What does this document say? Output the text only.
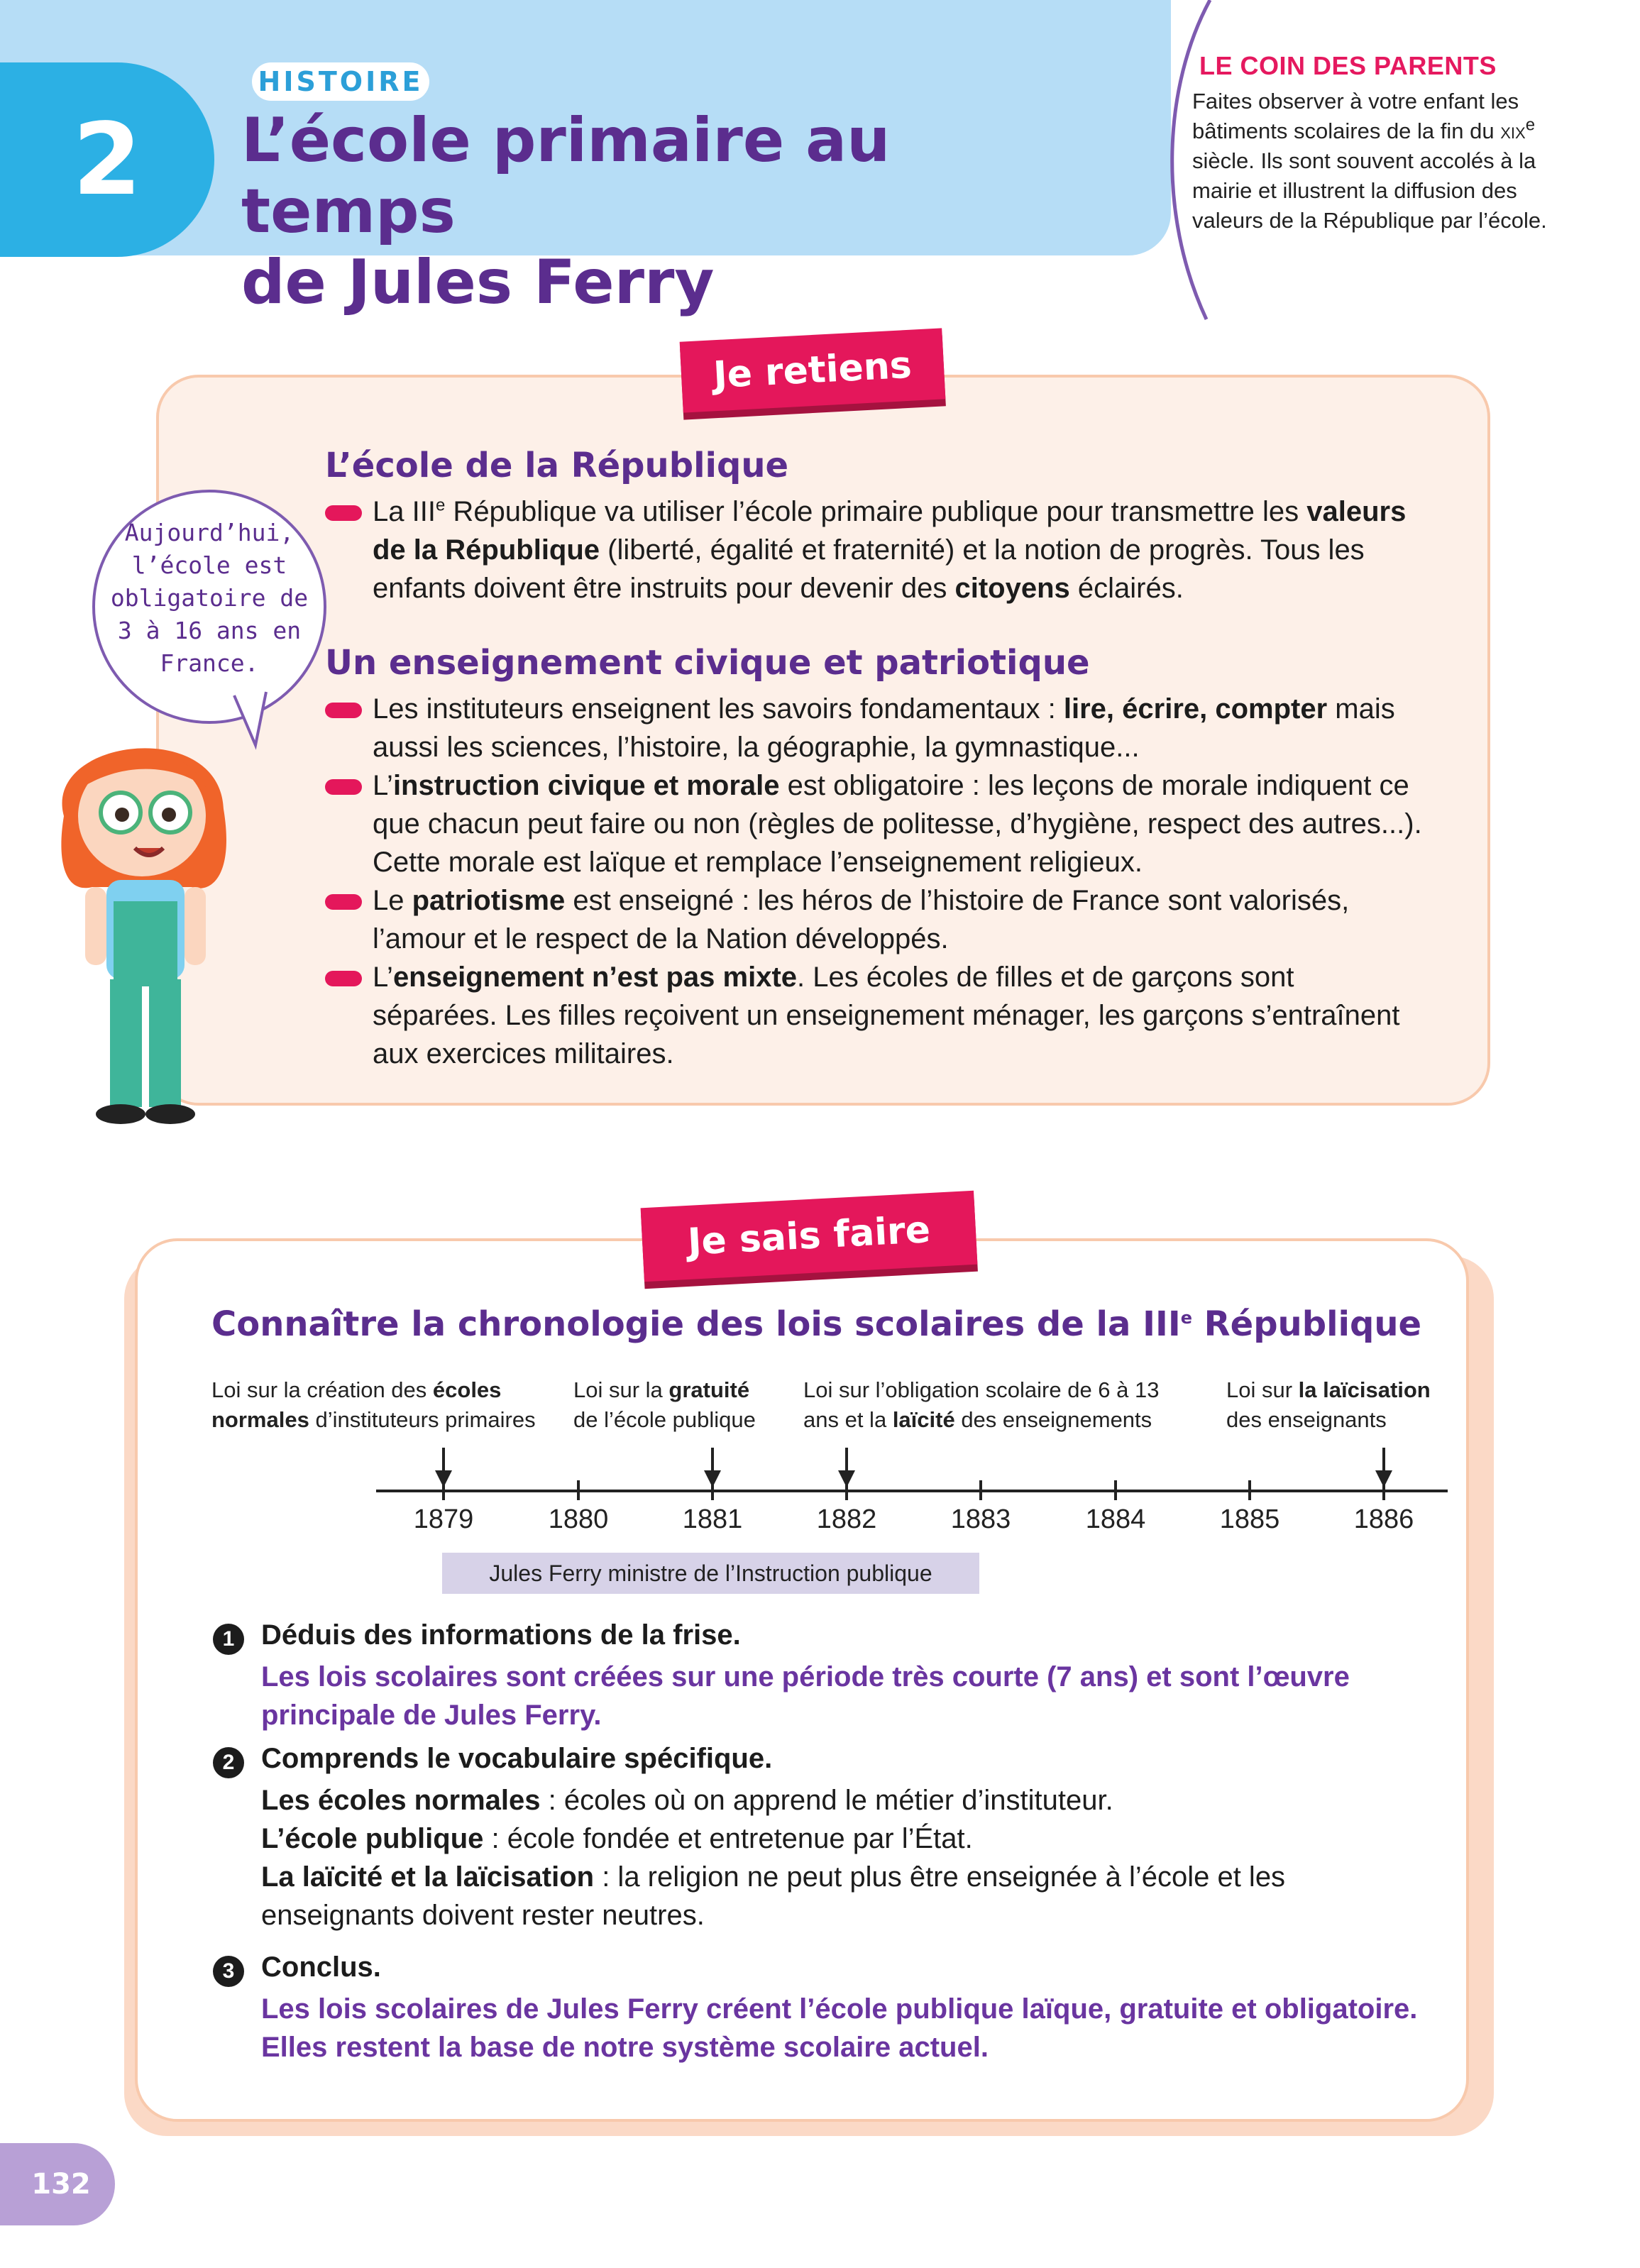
2
HISTOIRE
L’école primaire au temps
de Jules Ferry
LE COIN DES PARENTS
Faites observer à votre enfant les bâtiments scolaires de la fin du xix$^e$ siècle. Ils sont souvent accolés à la mairie et illustrent la diffusion des valeurs de la République par l’école.
Je retiens
Aujourd’hui,
l’école est
obligatoire de
3 à 16 ans en
France.
L’école de la République
La IIIe République va utiliser l’école primaire publique pour transmettre les valeurs de la République (liberté, égalité et fraternité) et la notion de progrès. Tous les enfants doivent être instruits pour devenir des citoyens éclairés.
Un enseignement civique et patriotique
Les instituteurs enseignent les savoirs fondamentaux : lire, écrire, compter mais aussi les sciences, l’histoire, la géographie, la gymnastique...
L’instruction civique et morale est obligatoire : les leçons de morale indiquent ce que chacun peut faire ou non (règles de politesse, d’hygiène, respect des autres...). Cette morale est laïque et remplace l’enseignement religieux.
Le patriotisme est enseigné : les héros de l’histoire de France sont valorisés, l’amour et le respect de la Nation développés.
L’enseignement n’est pas mixte. Les écoles de filles et de garçons sont séparées. Les filles reçoivent un enseignement ménager, les garçons s’entraînent aux exercices militaires.
Je sais faire
Connaître la chronologie des lois scolaires de la IIIe République
Loi sur la création des écoles
normales d’instituteurs primaires
Loi sur la gratuité
de l’école publique
Loi sur l’obligation scolaire de 6 à 13
ans et la laïcité des enseignements
Loi sur la laïcisation
des enseignants
1879	1880	1881	1882	1883	1884	1885	1886
Jules Ferry ministre de l’Instruction publique
1 Déduis des informations de la frise.
Les lois scolaires sont créées sur une période très courte (7 ans) et sont l’œuvre principale de Jules Ferry.
2 Comprends le vocabulaire spécifique.
Les écoles normales : écoles où on apprend le métier d’instituteur.
L’école publique : école fondée et entretenue par l’État.
La laïcité et la laïcisation : la religion ne peut plus être enseignée à l’école et les enseignants doivent rester neutres.
3 Conclus.
Les lois scolaires de Jules Ferry créent l’école publique laïque, gratuite et obligatoire. Elles restent la base de notre système scolaire actuel.
132
